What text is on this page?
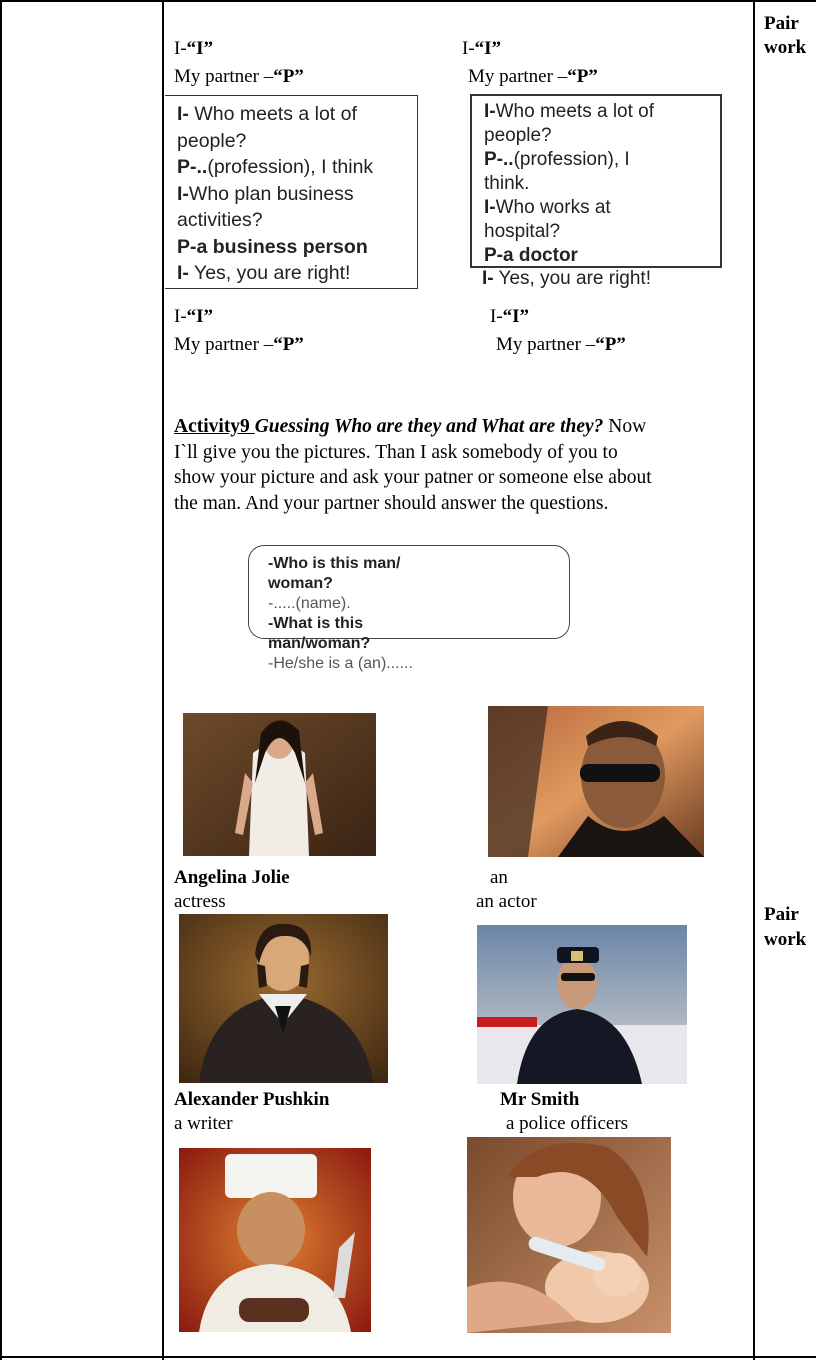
Pair
work
Pair
work
I-“I”
My partner –“P”
I-“I”
My partner –“P”

I- Who meets a lot of

people?

P-..(profession), I think

I-Who plan business

activities?

P-a business person

I- Yes, you are right!

I-Who meets a lot of

people?

P-..(profession), I

think.

I-Who works at

hospital?

P-a doctor

I- Yes, you are right!
I-“I”
My partner –“P”
I-“I”
My partner –“P”
Activity9 Guessing Who are they and What are they? Now
I`ll give you the pictures. Than I ask somebody of you to
show your picture and ask your patner or someone else about
the man. And your partner should answer the questions.
-Who is this man/
woman?
-.....(name).
-What is this
man/woman?
-He/she is a (an)......
Angelina Jolie
actress
an
an actor
Alexander Pushkin
a writer
Mr Smith
a police officers
